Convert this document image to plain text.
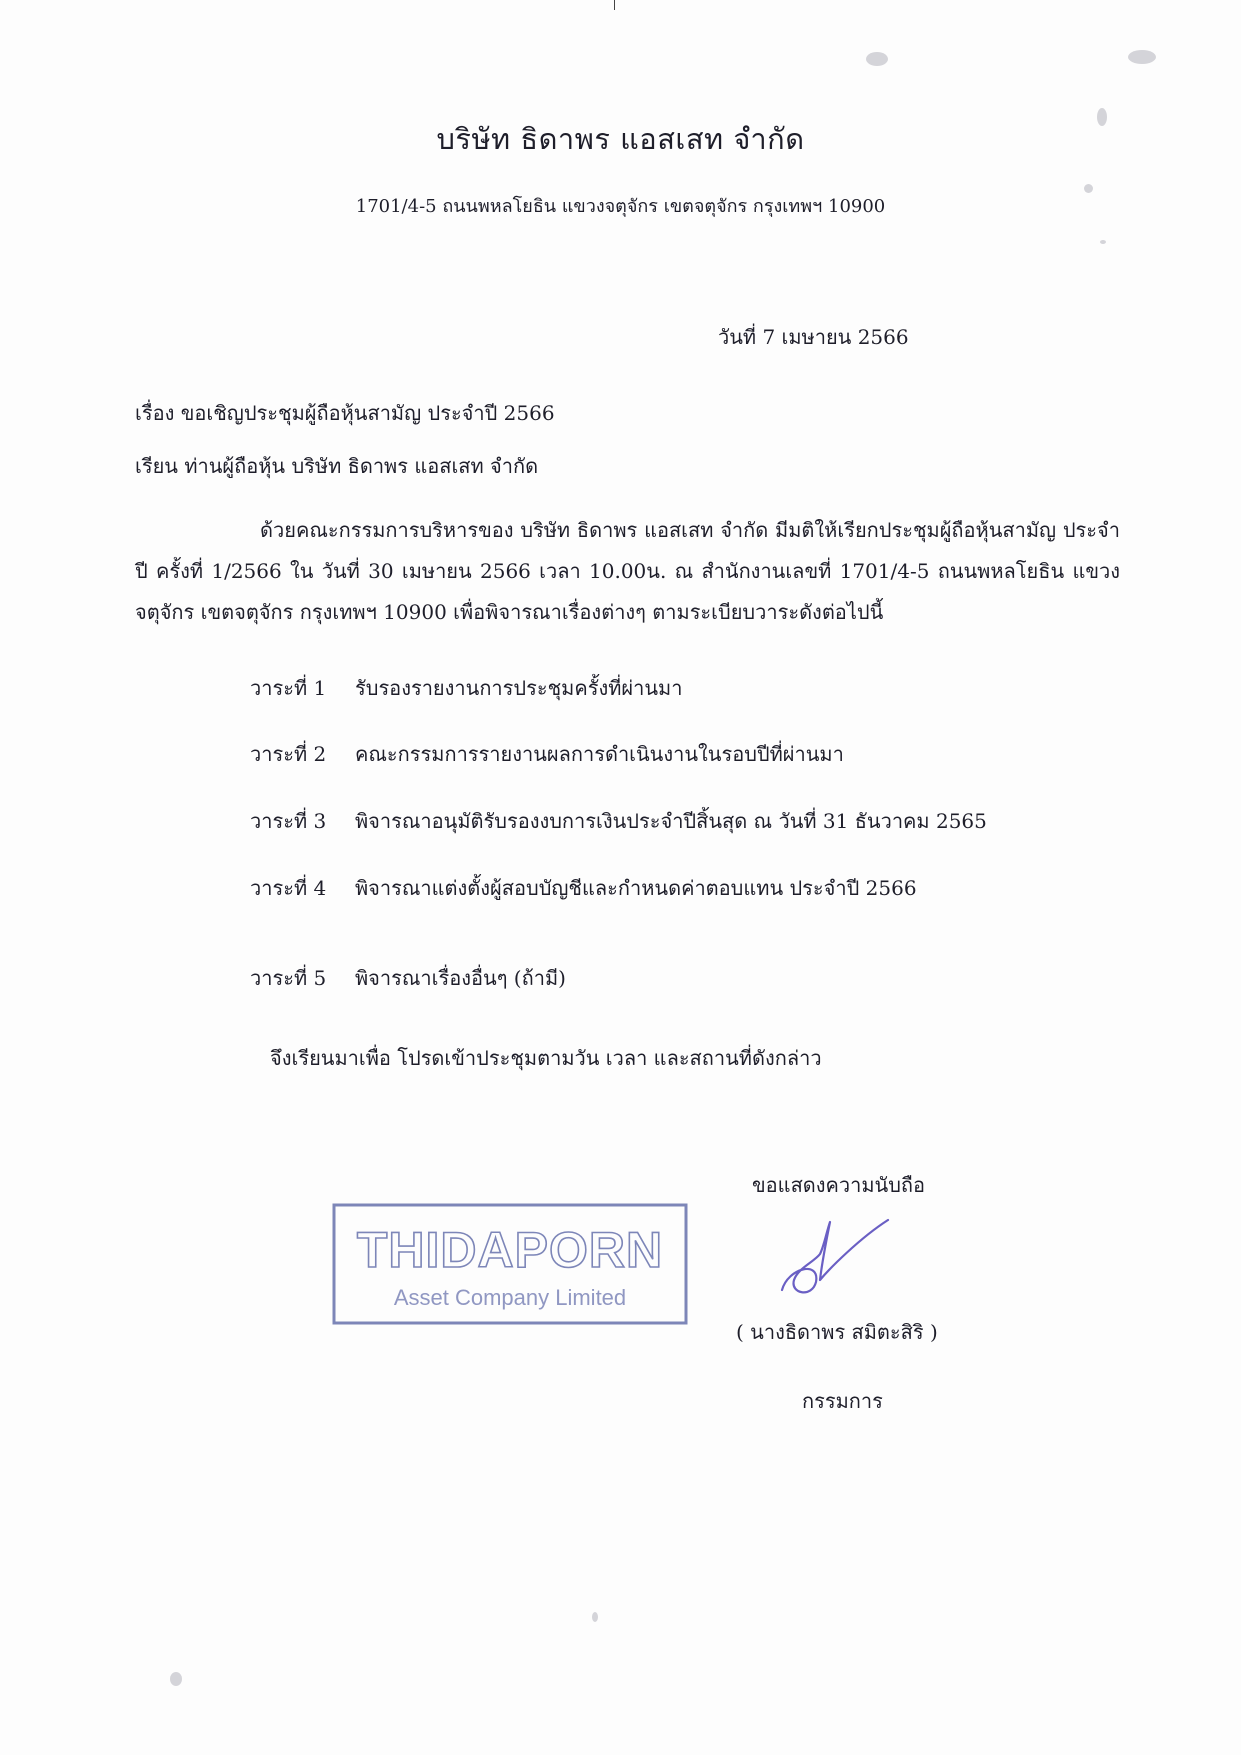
บริษัท ธิดาพร แอสเสท จำกัด
1701/4-5 ถนนพหลโยธิน แขวงจตุจักร เขตจตุจักร กรุงเทพฯ 10900
วันที่ 7 เมษายน 2566
เรื่อง ขอเชิญประชุมผู้ถือหุ้นสามัญ ประจำปี 2566
เรียน ท่านผู้ถือหุ้น บริษัท ธิดาพร แอสเสท จำกัด
ด้วยคณะกรรมการบริหารของ บริษัท ธิดาพร แอสเสท จำกัด มีมติให้เรียกประชุมผู้ถือหุ้นสามัญ ประจำปี ครั้งที่ 1/2566 ใน วันที่ 30 เมษายน 2566 เวลา 10.00น. ณ สำนักงานเลขที่ 1701/4-5 ถนนพหลโยธิน แขวงจตุจักร เขตจตุจักร กรุงเทพฯ 10900 เพื่อพิจารณาเรื่องต่างๆ ตามระเบียบวาระดังต่อไปนี้
วาระที่ 1 รับรองรายงานการประชุมครั้งที่ผ่านมา
วาระที่ 2 คณะกรรมการรายงานผลการดำเนินงานในรอบปีที่ผ่านมา
วาระที่ 3 พิจารณาอนุมัติรับรองงบการเงินประจำปีสิ้นสุด ณ วันที่ 31 ธันวาคม 2565
วาระที่ 4 พิจารณาแต่งตั้งผู้สอบบัญชีและกำหนดค่าตอบแทน ประจำปี 2566
วาระที่ 5 พิจารณาเรื่องอื่นๆ (ถ้ามี)
จึงเรียนมาเพื่อ โปรดเข้าประชุมตามวัน เวลา และสถานที่ดังกล่าว
THIDAPORN
Asset Company Limited
ขอแสดงความนับถือ
( นางธิดาพร สมิตะสิริ )
กรรมการ
